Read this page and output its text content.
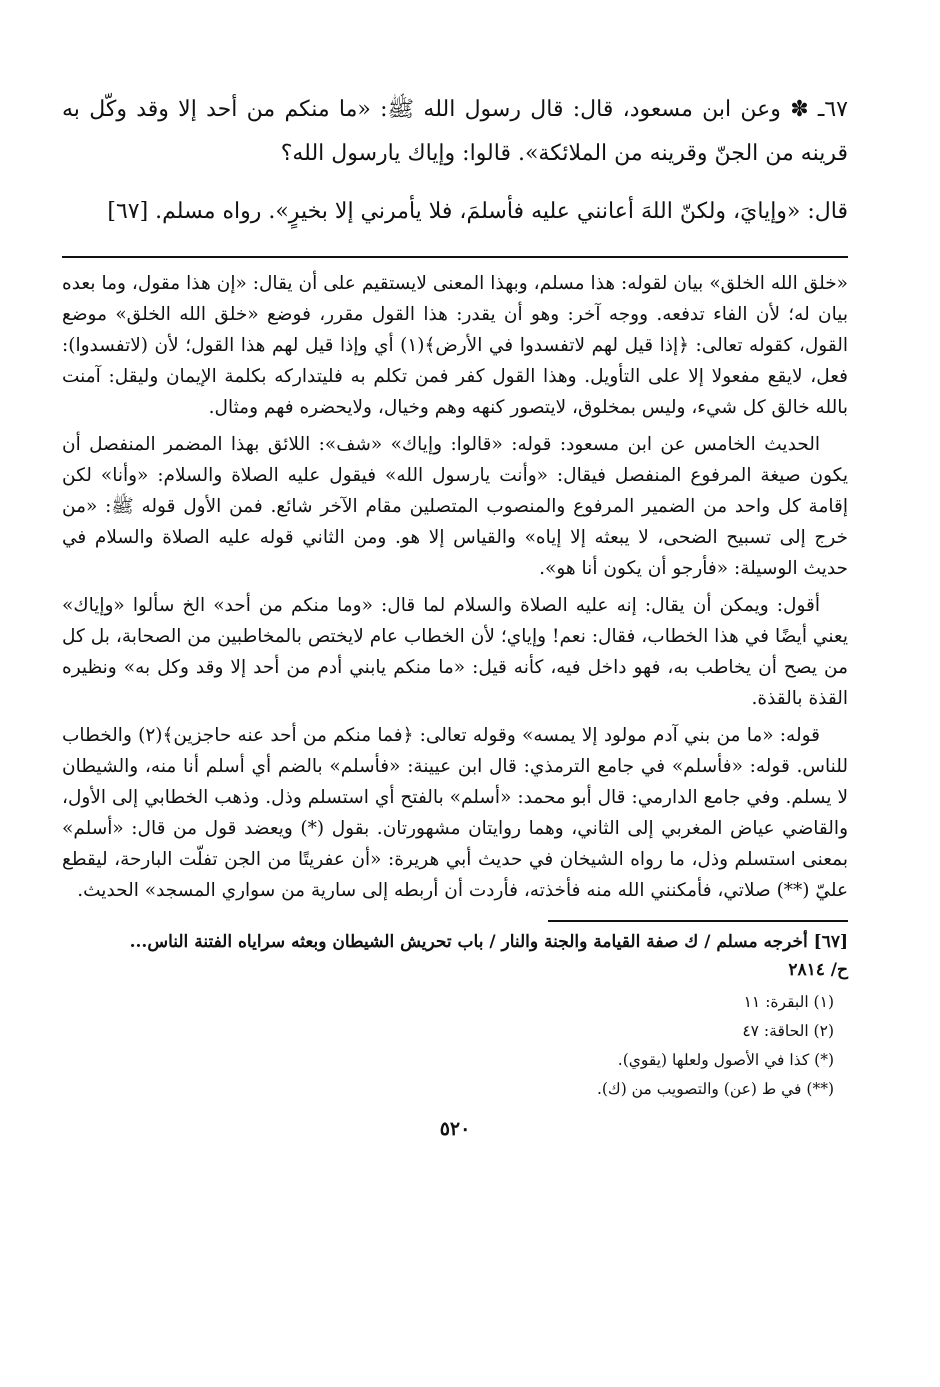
٦٧ـ ✽ وعن ابن مسعود، قال: قال رسول الله ﷺ: «ما منكم من أحد إلا وقد وكّل به قرينه من الجنّ وقرينه من الملائكة». قالوا: وإياك يارسول الله؟

قال: «وإيايَ، ولكنّ اللهَ أعانني عليه فأسلمَ، فلا يأمرني إلا بخيرٍ». رواه مسلم. [٦٧]

«خلق الله الخلق» بيان لقوله: هذا مسلم، وبهذا المعنى لايستقيم على أن يقال: «إن هذا مقول، وما بعده بيان له؛ لأن الفاء تدفعه. ووجه آخر: وهو أن يقدر: هذا القول مقرر، فوضع «خلق الله الخلق» موضع القول، كقوله تعالى: ﴿إذا قيل لهم لاتفسدوا في الأرض﴾(١) أي وإذا قيل لهم هذا القول؛ لأن (لاتفسدوا): فعل، لايقع مفعولا إلا على التأويل. وهذا القول كفر فمن تكلم به فليتداركه بكلمة الإيمان وليقل: آمنت بالله خالق كل شيء، وليس بمخلوق، لايتصور كنهه وهم وخيال، ولايحضره فهم ومثال.

الحديث الخامس عن ابن مسعود: قوله: «قالوا: وإياك» «شف»: اللائق بهذا المضمر المنفصل أن يكون صيغة المرفوع المنفصل فيقال: «وأنت يارسول الله» فيقول عليه الصلاة والسلام: «وأنا» لكن إقامة كل واحد من الضمير المرفوع والمنصوب المتصلين مقام الآخر شائع. فمن الأول قوله ﷺ: «من خرج إلى تسبيح الضحى، لا يبعثه إلا إياه» والقياس إلا هو. ومن الثاني قوله عليه الصلاة والسلام في حديث الوسيلة: «فأرجو أن يكون أنا هو».

أقول: ويمكن أن يقال: إنه عليه الصلاة والسلام لما قال: «وما منكم من أحد» الخ سألوا «وإياك» يعني أيضًا في هذا الخطاب، فقال: نعم! وإياي؛ لأن الخطاب عام لايختص بالمخاطبين من الصحابة، بل كل من يصح أن يخاطب به، فهو داخل فيه، كأنه قيل: «ما منكم يابني أدم من أحد إلا وقد وكل به» ونظيره القذة بالقذة.

قوله: «ما من بني آدم مولود إلا يمسه» وقوله تعالى: ﴿فما منكم من أحد عنه حاجزين﴾(٢) والخطاب للناس. قوله: «فأسلم» في جامع الترمذي: قال ابن عيينة: «فأسلم» بالضم أي أسلم أنا منه، والشيطان لا يسلم. وفي جامع الدارمي: قال أبو محمد: «أسلم» بالفتح أي استسلم وذل. وذهب الخطابي إلى الأول، والقاضي عياض المغربي إلى الثاني، وهما روايتان مشهورتان. بقول (*) ويعضد قول من قال: «أسلم» بمعنى استسلم وذل، ما رواه الشيخان في حديث أبي هريرة: «أن عفريتًا من الجن تفلّت البارحة، ليقطع عليّ (**) صلاتي، فأمكنني الله منه فأخذته، فأردت أن أربطه إلى سارية من سواري المسجد» الحديث.

[٦٧] أخرجه مسلم / ك صفة القيامة والجنة والنار / باب تحريش الشيطان وبعثه سراياه الفتنة الناس...

ح/ ٢٨١٤

(١) البقرة: ١١

(٢) الحاقة: ٤٧

(*) كذا في الأصول ولعلها (يقوي).

(**) في ط (عن) والتصويب من (ك).

٥٢٠
